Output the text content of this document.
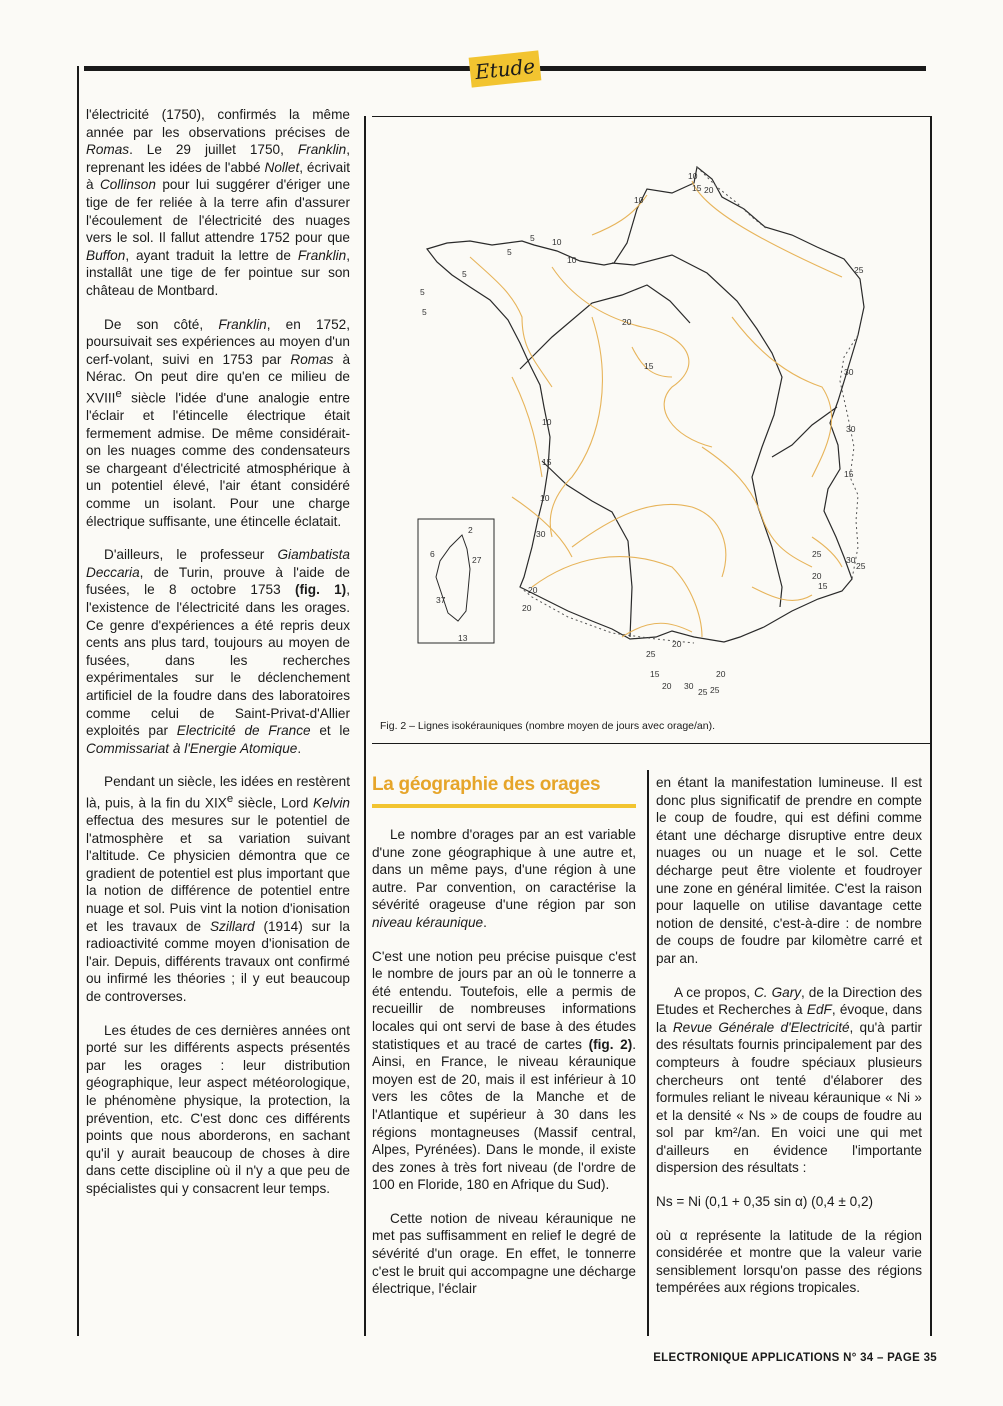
Etude

l'électricité (1750), confirmés la même année par les observations précises de Romas. Le 29 juillet 1750, Franklin, reprenant les idées de l'abbé Nollet, écrivait à Collinson pour lui suggérer d'ériger une tige de fer reliée à la terre afin d'assurer l'écoulement de l'électricité des nuages vers le sol. Il fallut attendre 1752 pour que Buffon, ayant traduit la lettre de Franklin, installât une tige de fer pointue sur son château de Montbard.

De son côté, Franklin, en 1752, poursuivait ses expériences au moyen d'un cerf-volant, suivi en 1753 par Romas à Nérac. On peut dire qu'en ce milieu de XVIIIe siècle l'idée d'une analogie entre l'éclair et l'étincelle électrique était fermement admise. De même considérait-on les nuages comme des condensateurs se chargeant d'électricité atmosphérique à un potentiel élevé, l'air étant considéré comme un isolant. Pour une charge électrique suffisante, une étincelle éclatait.

D'ailleurs, le professeur Giambatista Deccaria, de Turin, prouve à l'aide de fusées, le 8 octobre 1753 (fig. 1), l'existence de l'électricité dans les orages. Ce genre d'expériences a été repris deux cents ans plus tard, toujours au moyen de fusées, dans les recherches expérimentales sur le déclenchement artificiel de la foudre dans des laboratoires comme celui de Saint-Privat-d'Allier exploités par Electricité de France et le Commissariat à l'Energie Atomique.

Pendant un siècle, les idées en restèrent là, puis, à la fin du XIXe siècle, Lord Kelvin effectua des mesures sur le potentiel de l'atmosphère et sa variation suivant l'altitude. Ce physicien démontra que ce gradient de potentiel est plus important que la notion de différence de potentiel entre nuage et sol. Puis vint la notion d'ionisation et les travaux de Szillard (1914) sur la radioactivité comme moyen d'ionisation de l'air. Depuis, différents travaux ont confirmé ou infirmé les théories ; il y eut beaucoup de controverses.

Les études de ces dernières années ont porté sur les différents aspects présentés par les orages : leur distribution géographique, leur aspect météorologique, le phénomène physique, la protection, la prévention, etc. C'est donc ces différents points que nous aborderons, en sachant qu'il y aurait beaucoup de choses à dire dans cette discipline où il n'y a que peu de spécialistes qui y consacrent leur temps.

10
15 20
10
5 10
10
5
5
5
5
20
25
15
30
10
30
15
10
30
15
20
20
25
30
20
25
15
25
20
15
20 30
25 25
20
2
6
27
37
13
Fig. 2 – Lignes isokérauniques (nombre moyen de jours avec orage/an).
La géographie des orages

Le nombre d'orages par an est variable d'une zone géographique à une autre et, dans un même pays, d'une région à une autre. Par convention, on caractérise la sévérité orageuse d'une région par son niveau kéraunique.

C'est une notion peu précise puisque c'est le nombre de jours par an où le tonnerre a été entendu. Toutefois, elle a permis de recueillir de nombreuses informations locales qui ont servi de base à des études statistiques et au tracé de cartes (fig. 2). Ainsi, en France, le niveau kéraunique moyen est de 20, mais il est inférieur à 10 vers les côtes de la Manche et de l'Atlantique et supérieur à 30 dans les régions montagneuses (Massif central, Alpes, Pyrénées). Dans le monde, il existe des zones à très fort niveau (de l'ordre de 100 en Floride, 180 en Afrique du Sud).

Cette notion de niveau kéraunique ne met pas suffisamment en relief le degré de sévérité d'un orage. En effet, le tonnerre c'est le bruit qui accompagne une décharge électrique, l'éclair

en étant la manifestation lumineuse. Il est donc plus significatif de prendre en compte le coup de foudre, qui est défini comme étant une décharge disruptive entre deux nuages ou un nuage et le sol. Cette décharge peut être violente et foudroyer une zone en général limitée. C'est la raison pour laquelle on utilise davantage cette notion de densité, c'est-à-dire : de nombre de coups de foudre par kilomètre carré et par an.

A ce propos, C. Gary, de la Direction des Etudes et Recherches à EdF, évoque, dans la Revue Générale d'Electricité, qu'à partir des résultats fournis principalement par des compteurs à foudre spéciaux plusieurs chercheurs ont tenté d'élaborer des formules reliant le niveau kéraunique « Ni » et la densité « Ns » de coups de foudre au sol par km²/an. En voici une qui met d'ailleurs en évidence l'importante dispersion des résultats :

Ns = Ni (0,1 + 0,35 sin α) (0,4 ± 0,2)

où α représente la latitude de la région considérée et montre que la valeur varie sensiblement lorsqu'on passe des régions tempérées aux régions tropicales.

ELECTRONIQUE APPLICATIONS N° 34 – PAGE 35
